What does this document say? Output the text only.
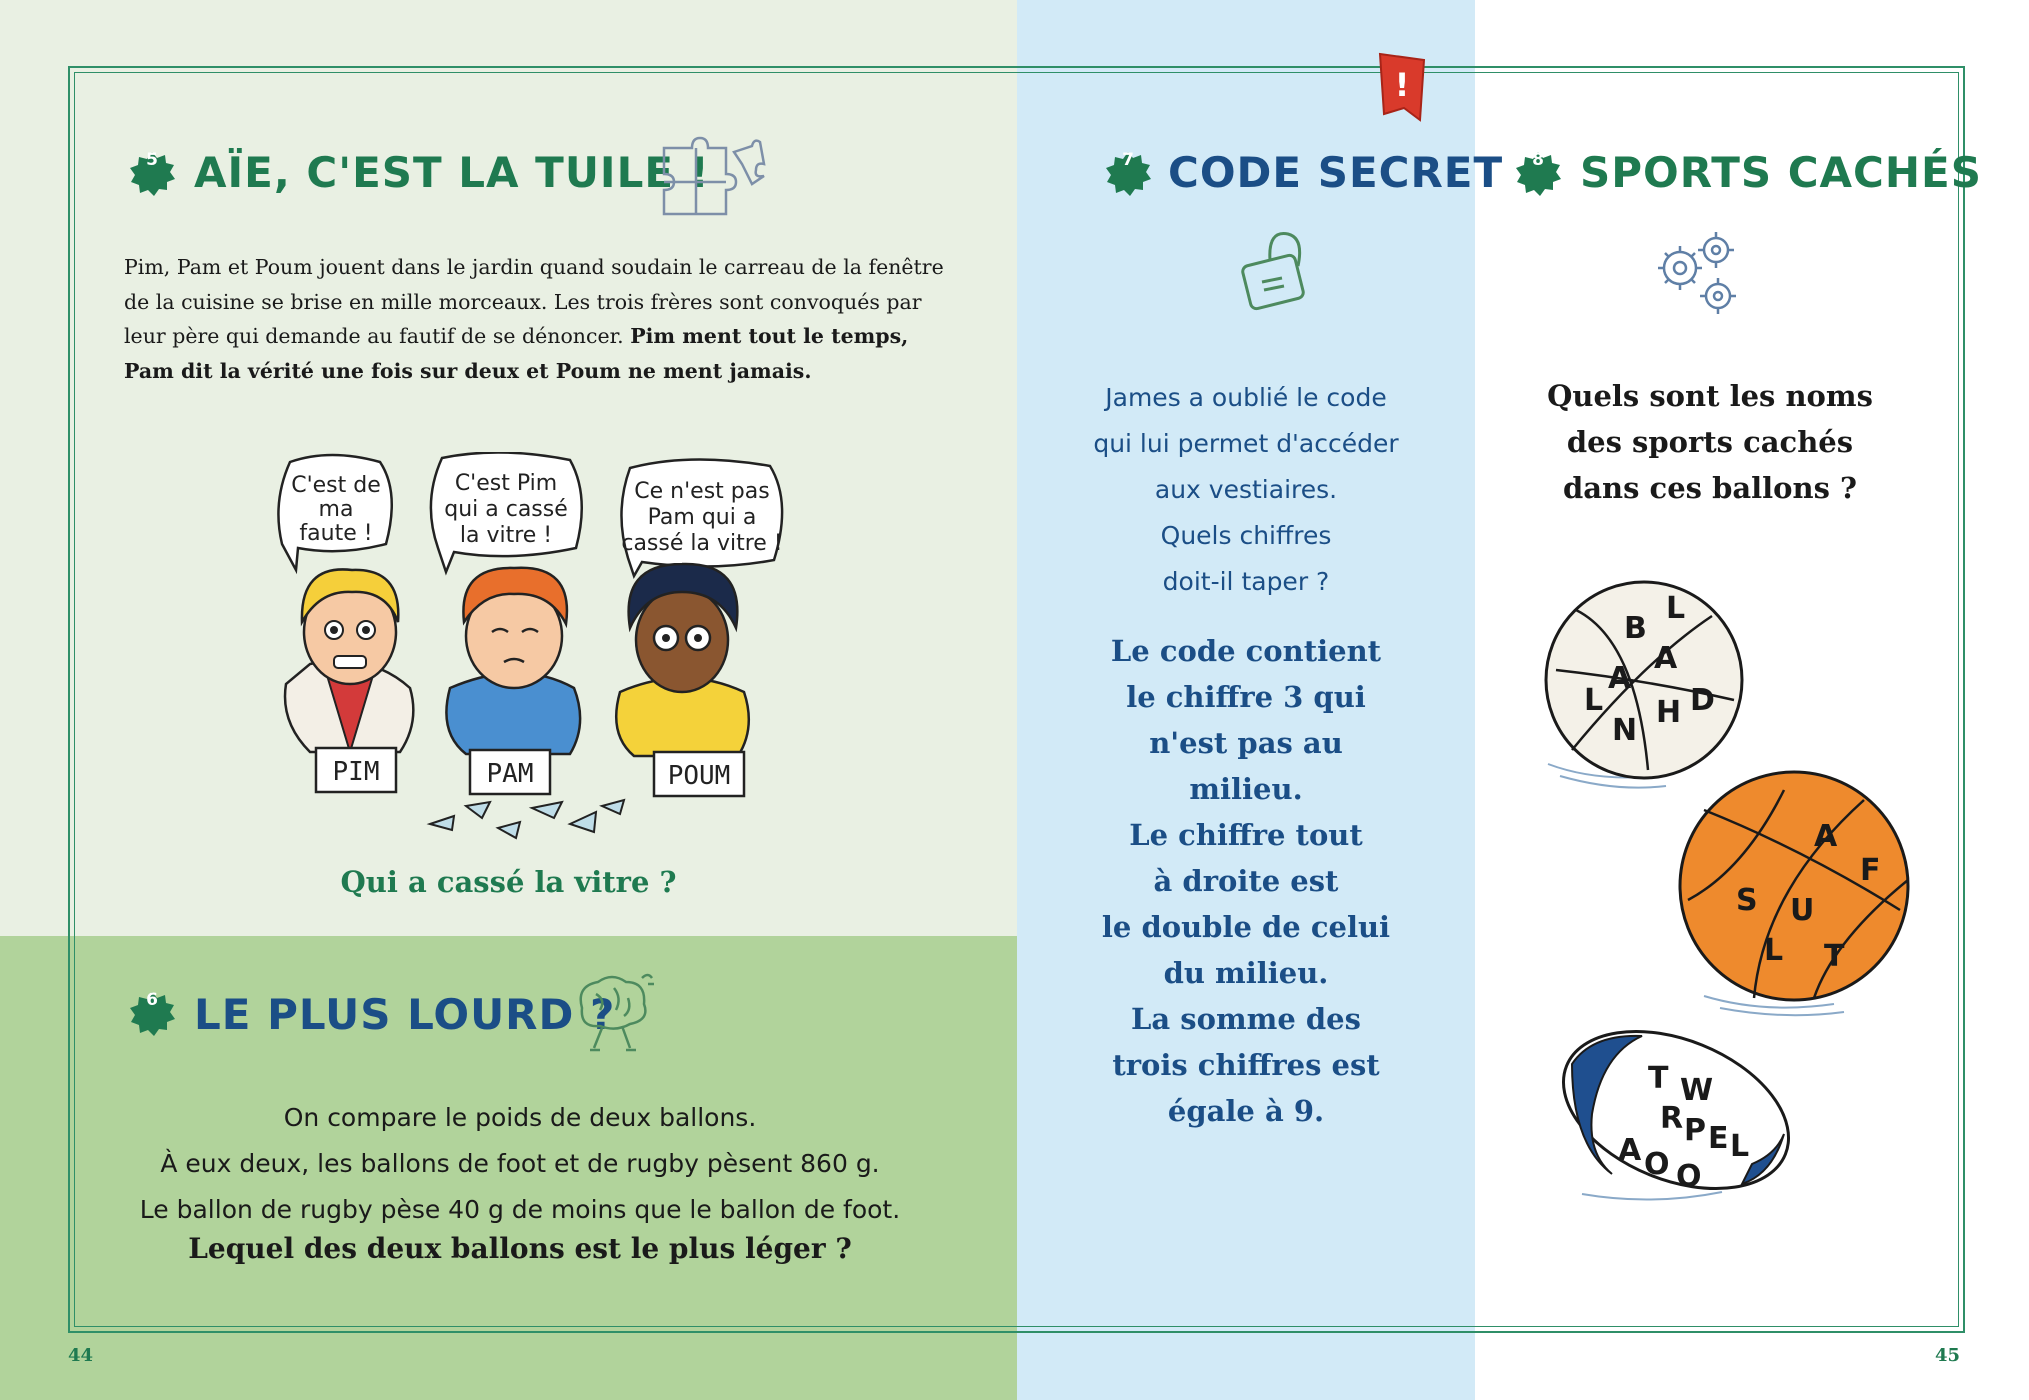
!
5 AÏE, C'EST LA TUILE !
Pim, Pam et Poum jouent dans le jardin quand soudain le carreau de la fenêtre de la cuisine se brise en mille morceaux. Les trois frères sont convoqués par leur père qui demande au fautif de se dénoncer. Pim ment tout le temps, Pam dit la vérité une fois sur deux et Poum ne ment jamais.
C'est de
ma
faute !
C'est Pim
qui a cassé
la vitre !
Ce n'est pas
Pam qui a
cassé la vitre !
PIM	PAM	POUM
Qui a cassé la vitre ?
6 LE PLUS LOURD ?
On compare le poids de deux ballons.
À eux deux, les ballons de foot et de rugby pèsent 860 g.
Le ballon de rugby pèse 40 g de moins que le ballon de foot.
Lequel des deux ballons est le plus léger ?
7 CODE SECRET
James a oublié le code
qui lui permet d'accéder
aux vestiaires.
Quels chiffres
doit-il taper ?
Le code contient
le chiffre 3 qui
n'est pas au
milieu.
Le chiffre tout
à droite est
le double de celui
du milieu.
La somme des
trois chiffres est
égale à 9.
8 SPORTS CACHÉS
Quels sont les noms
des sports cachés
dans ces ballons ?
B
A
L
L
A
N
H D
A
F
S U
L T
T W
R P E L
A O O
44	45
